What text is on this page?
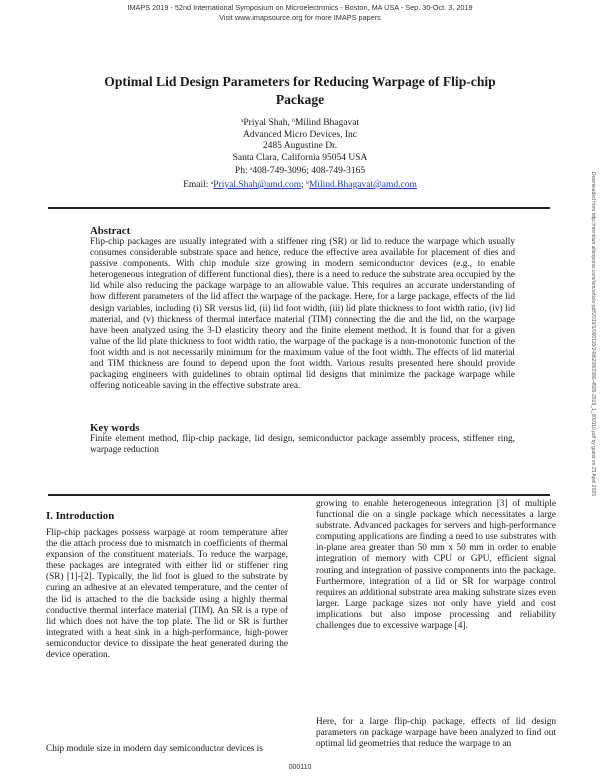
IMAPS 2019 - 52nd International Symposium on Microelectronics - Boston, MA USA - Sep. 30-Oct. 3, 2019
Visit www.imapsource.org for more IMAPS papers
Optimal Lid Design Parameters for Reducing Warpage of Flip-chip Package
$^a$Priyal Shah, $^b$Milind Bhagavat
Advanced Micro Devices, Inc
2485 Augustine Dr.
Santa Clara, California 95054 USA
Ph: $^a$408-749-3096; 408-749-3165
Email: $^a$Priyal.Shah@amd.com; $^b$Milind.Bhagavat@amd.com
Abstract

Flip-chip packages are usually integrated with a stiffener ring (SR) or lid to reduce the warpage which usually consumes considerable substrate space and hence, reduce the effective area available for placement of dies and passive components. With chip module size growing in modern semiconductor devices (e.g., to enable heterogeneous integration of different functional dies), there is a need to reduce the substrate area occupied by the lid while also reducing the package warpage to an allowable value. This requires an accurate understanding of how different parameters of the lid affect the warpage of the package. Here, for a large package, effects of the lid design variables, including (i) SR versus lid, (ii) lid foot width, (iii) lid plate thickness to foot width ratio, (iv) lid material, and (v) thickness of thermal interface material (TIM) connecting the die and the lid, on the warpage have been analyzed using the 3-D elasticity theory and the finite element method. It is found that for a given value of the lid plate thickness to foot width ratio, the warpage of the package is a non-monotonic function of the foot width and is not necessarily minimum for the maximum value of the foot width. The effects of lid material and TIM thickness are found to depend upon the foot width. Various results presented here should provide packaging engineers with guidelines to obtain optimal lid designs that minimize the package warpage while offering noticeable saving in the effective substrate area.

Key words

Finite element method, flip-chip package, lid design, semiconductor package assembly process, stiffener ring, warpage reduction

I. Introduction

Flip-chip packages possess warpage at room temperature after the die attach process due to mismatch in coefficients of thermal expansion of the constituent materials. To reduce the warpage, these packages are integrated with either lid or stiffener ring (SR) [1]-[2]. Typically, the lid foot is glued to the substrate by curing an adhesive at an elevated temperature, and the center of the lid is attached to the die backside using a highly thermal conductive thermal interface material (TIM). An SR is a type of lid which does not have the top plate. The lid or SR is further integrated with a heat sink in a high-performance, high-power semiconductor device to dissipate the heat generated during the device operation.

Chip module size in modern day semiconductor devices is

growing to enable heterogeneous integration [3] of multiple functional die on a single package which necessitates a large substrate. Advanced packages for servers and high-performance computing applications are finding a need to use substrates with in-plane area greater than 50 mm x 50 mm in order to enable integration of memory with CPU or GPU, efficient signal routing and integration of passive components into the package. Furthermore, integration of a lid or SR for warpage control requires an additional substrate area making substrate sizes even larger. Large package sizes not only have yield and cost implications but also impose processing and reliability challenges due to excessive warpage [4].

Here, for a large flip-chip package, effects of lid design parameters on package warpage have been analyzed to find out optimal lid geometries that reduce the warpage to an

Downloaded from http://meridian.allenpress.com/ism/article-pdf/2019/1/000110/2486208/2380-4505-2019_1_000110.pdf by guest on 23 April 2023
000110
